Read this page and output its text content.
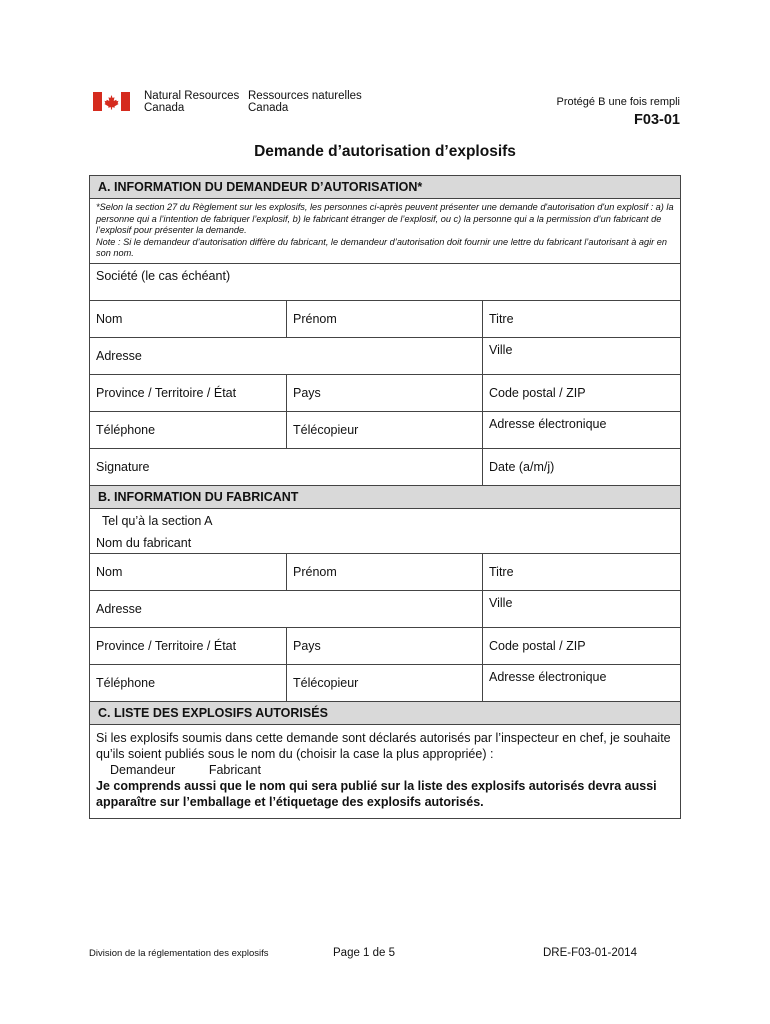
Natural Resources
Canada
Ressources naturelles
Canada	Protégé B une fois rempli
F03-01
Demande d’autorisation d’explosifs
A. INFORMATION DU DEMANDEUR D’AUTORISATION*
*Selon la section 27 du Règlement sur les explosifs, les personnes ci-après peuvent présenter une demande d'autorisation d'un explosif : a) la personne qui a l’intention de fabriquer l’explosif, b) le fabricant étranger de l’explosif, ou c) la personne qui a la permission d’un fabricant de l’explosif pour présenter la demande.
Note : Si le demandeur d’autorisation diffère du fabricant, le demandeur d’autorisation doit fournir une lettre du fabricant l’autorisant à agir en son nom.
Société (le cas échéant)
Nom	Prénom	Titre
Adresse	Ville
Province / Territoire / État	Pays	Code postal / ZIP
Téléphone	Télécopieur	Adresse électronique
Signature	Date (a/m/j)
B. INFORMATION DU FABRICANT
Tel qu’à la section A
Nom du fabricant
Nom	Prénom	Titre
Adresse	Ville
Province / Territoire / État	Pays	Code postal / ZIP
Téléphone	Télécopieur	Adresse électronique
C. LISTE DES EXPLOSIFS AUTORISÉS
Si les explosifs soumis dans cette demande sont déclarés autorisés par l’inspecteur en chef, je souhaite qu’ils soient publiés sous le nom du (choisir la case la plus appropriée) :
Demandeur	Fabricant
Je comprends aussi que le nom qui sera publié sur la liste des explosifs autorisés devra aussi apparaître sur l’emballage et l’étiquetage des explosifs autorisés.
Division de la réglementation des explosifs	Page 1 de 5	DRE-F03-01-2014
